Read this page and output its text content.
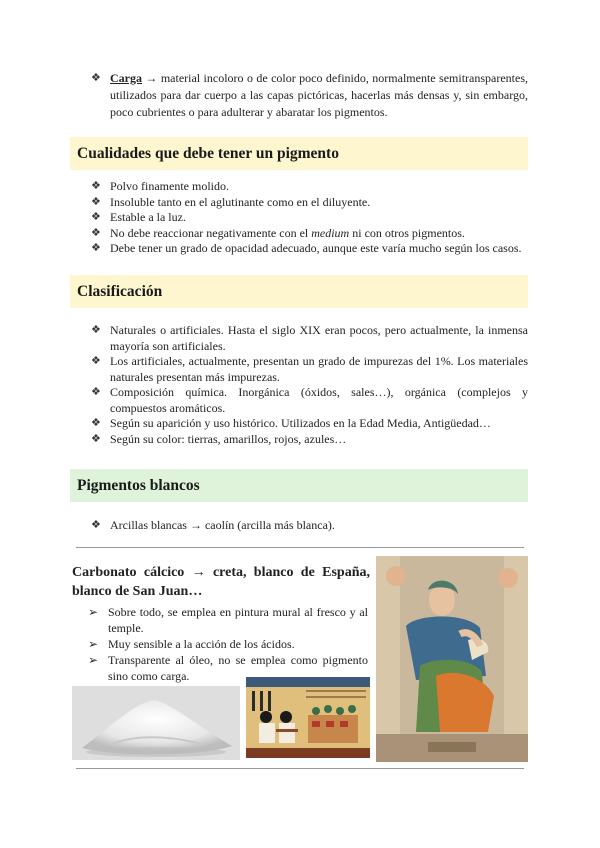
❖ Carga → material incoloro o de color poco definido, normalmente semitransparentes, utilizados para dar cuerpo a las capas pictóricas, hacerlas más densas y, sin embargo, poco cubrientes o para adulterar y abaratar los pigmentos.
Cualidades que debe tener un pigmento
❖ Polvo finamente molido.
❖ Insoluble tanto en el aglutinante como en el diluyente.
❖ Estable a la luz.
❖ No debe reaccionar negativamente con el medium ni con otros pigmentos.
❖ Debe tener un grado de opacidad adecuado, aunque este varía mucho según los casos.
Clasificación
❖ Naturales o artificiales. Hasta el siglo XIX eran pocos, pero actualmente, la inmensa mayoría son artificiales.
❖ Los artificiales, actualmente, presentan un grado de impurezas del 1%. Los materiales naturales presentan más impurezas.
❖ Composición química. Inorgánica (óxidos, sales…), orgánica (complejos y compuestos aromáticos.
❖ Según su aparición y uso histórico. Utilizados en la Edad Media, Antigüedad…
❖ Según su color: tierras, amarillos, rojos, azules…
Pigmentos blancos
❖ Arcillas blancas → caolín (arcilla más blanca).
Carbonato cálcico → creta, blanco de España, blanco de San Juan…
➢ Sobre todo, se emplea en pintura mural al fresco y al temple.
➢ Muy sensible a la acción de los ácidos.
➢ Transparente al óleo, no se emplea como pigmento sino como carga.
